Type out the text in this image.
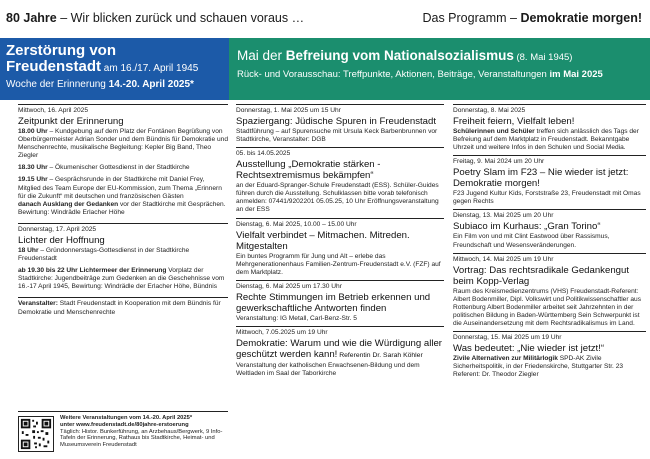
80 Jahre – Wir blicken zurück und schauen voraus …	Das Programm – Demokratie morgen!
Zerstörung von
Freudenstadt am 16./17. April 1945
Woche der Erinnerung 14.-20. April 2025*
Mai der Befreiung vom Nationalsozialismus (8. Mai 1945)
Rück- und Vorausschau: Treffpunkte, Aktionen, Beiträge, Veranstaltungen im Mai 2025
Mittwoch, 16. April 2025
Zeitpunkt der Erinnerung
18.00 Uhr – Kundgebung auf dem Platz der Fontänen Begrüßung von Oberbürgermeister Adrian Sonder und dem Bündnis für Demokratie und Menschenrechte, musikalische Begleitung: Kepler Big Band, Theo Ziegler
18.30 Uhr – Ökumenischer Gottesdienst in der Stadtkirche
19.15 Uhr – Gesprächsrunde in der Stadtkirche mit Daniel Frey, Mitglied des Team Europe der EU-Kommission, zum Thema „Erinnern für die Zukunft“ mit deutschen und französischen Gästen
danach Ausklang der Gedanken vor der Stadtkirche mit Gesprächen. Bewirtung: Windrädle Erlacher Höhe
Donnerstag, 17. April 2025
Lichter der Hoffnung
18 Uhr – Gründonnerstags-Gottesdienst in der Stadtkirche Freudenstadt
ab 19.30 bis 22 Uhr Lichtermeer der Erinnerung Vorplatz der Stadtkirche: Jugendbeiträge zum Gedenken an die Geschehnisse vom 16.-17 April 1945, Bewirtung: Windrädle der Erlacher Höhe, Bündnis
Veranstalter: Stadt Freudenstadt in Kooperation mit dem Bündnis für Demokratie und Menschenrechte
Weitere Veranstaltungen vom 14.-20. April 2025*
unter www.freudenstadt.de/80jahre-erstoerung
Täglich: Histor. Bunkerführung, an Arzbehaus/Bergwerk, 9 Info-Tafeln der Erinnerung, Rathaus bis Stadtkirche, Heimat- und Museumsverein Freudenstadt
Donnerstag, 1. Mai 2025 um 15 Uhr
Spaziergang: Jüdische Spuren in Freudenstadt
Stadtführung – auf Spurensuche mit Ursula Keck Barbenbrunnen vor Stadtkirche, Veranstalter: DGB
05. bis 14.05.2025
Ausstellung „Demokratie stärken - Rechtsextremismus bekämpfen“
an der Eduard-Spranger-Schule Freudenstadt (ESS). Schüler-Guides führen durch die Ausstellung. Schulklassen bitte vorab telefonisch anmelden: 07441/9202201 05.05.25, 10 Uhr Eröffnungsveranstaltung an der ESS
Dienstag, 6. Mai 2025, 10.00 – 15.00 Uhr
Vielfalt verbindet – Mitmachen. Mitreden. Mitgestalten
Ein buntes Programm für Jung und Alt – erlebe das Mehrgenerationenhaus Familien-Zentrum-Freudenstadt e.V. (FZF) auf dem Marktplatz.
Dienstag, 6. Mai 2025 um 17.30 Uhr
Rechte Stimmungen im Betrieb erkennen und gewerkschaftliche Antworten finden
Veranstaltung: IG Metall, Carl-Benz-Str. 5
Mittwoch, 7.05.2025 um 19 Uhr
Demokratie: Warum und wie die Würdigung aller geschützt werden kann! Referentin Dr. Sarah Köhler
Veranstaltung der katholischen Erwachsenen-Bildung und dem Weltladen im Saal der Taborkirche
Donnerstag, 8. Mai 2025
Freiheit feiern, Vielfalt leben!
Schülerinnen und Schüler treffen sich anlässlich des Tags der Befreiung auf dem Marktplatz in Freudenstadt. Bekanntgabe Uhrzeit und weitere Infos in den Schulen und Social Media.
Freitag, 9. Mai 2024 um 20 Uhr
Poetry Slam im F23 – Nie wieder ist jetzt: Demokratie morgen!
F23 Jugend Kultur Kids, Forststraße 23, Freudenstadt mit Omas gegen Rechts
Dienstag, 13. Mai 2025 um 20 Uhr
Subiaco im Kurhaus: „Gran Torino“
Ein Film von und mit Clint Eastwood über Rassismus, Freundschaft und Wesensveränderungen.
Mittwoch, 14. Mai 2025 um 19 Uhr
Vortrag: Das rechtsradikale Gedankengut beim Kopp-Verlag
Raum des Kreismedienzentrums (VHS) Freudenstadt-Referent: Albert Bodenmiller, Dipl. Volkswirt und Politikwissenschaftler aus Rottenburg Albert Bodenmiller arbeitet seit Jahrzehnten in der politischen Bildung in Baden-Württemberg Sein Schwerpunkt ist die Auseinandersetzung mit dem Rechtsradikalismus im Land.
Donnerstag, 15. Mai 2025 um 19 Uhr
Was bedeutet: „Nie wieder ist jetzt!“
Zivile Alternativen zur Militärlogik SPD-AK Zivile Sicherheitspolitik, in der Friedenskirche, Stuttgarter Str. 23 Referent: Dr. Theodor Ziegler
